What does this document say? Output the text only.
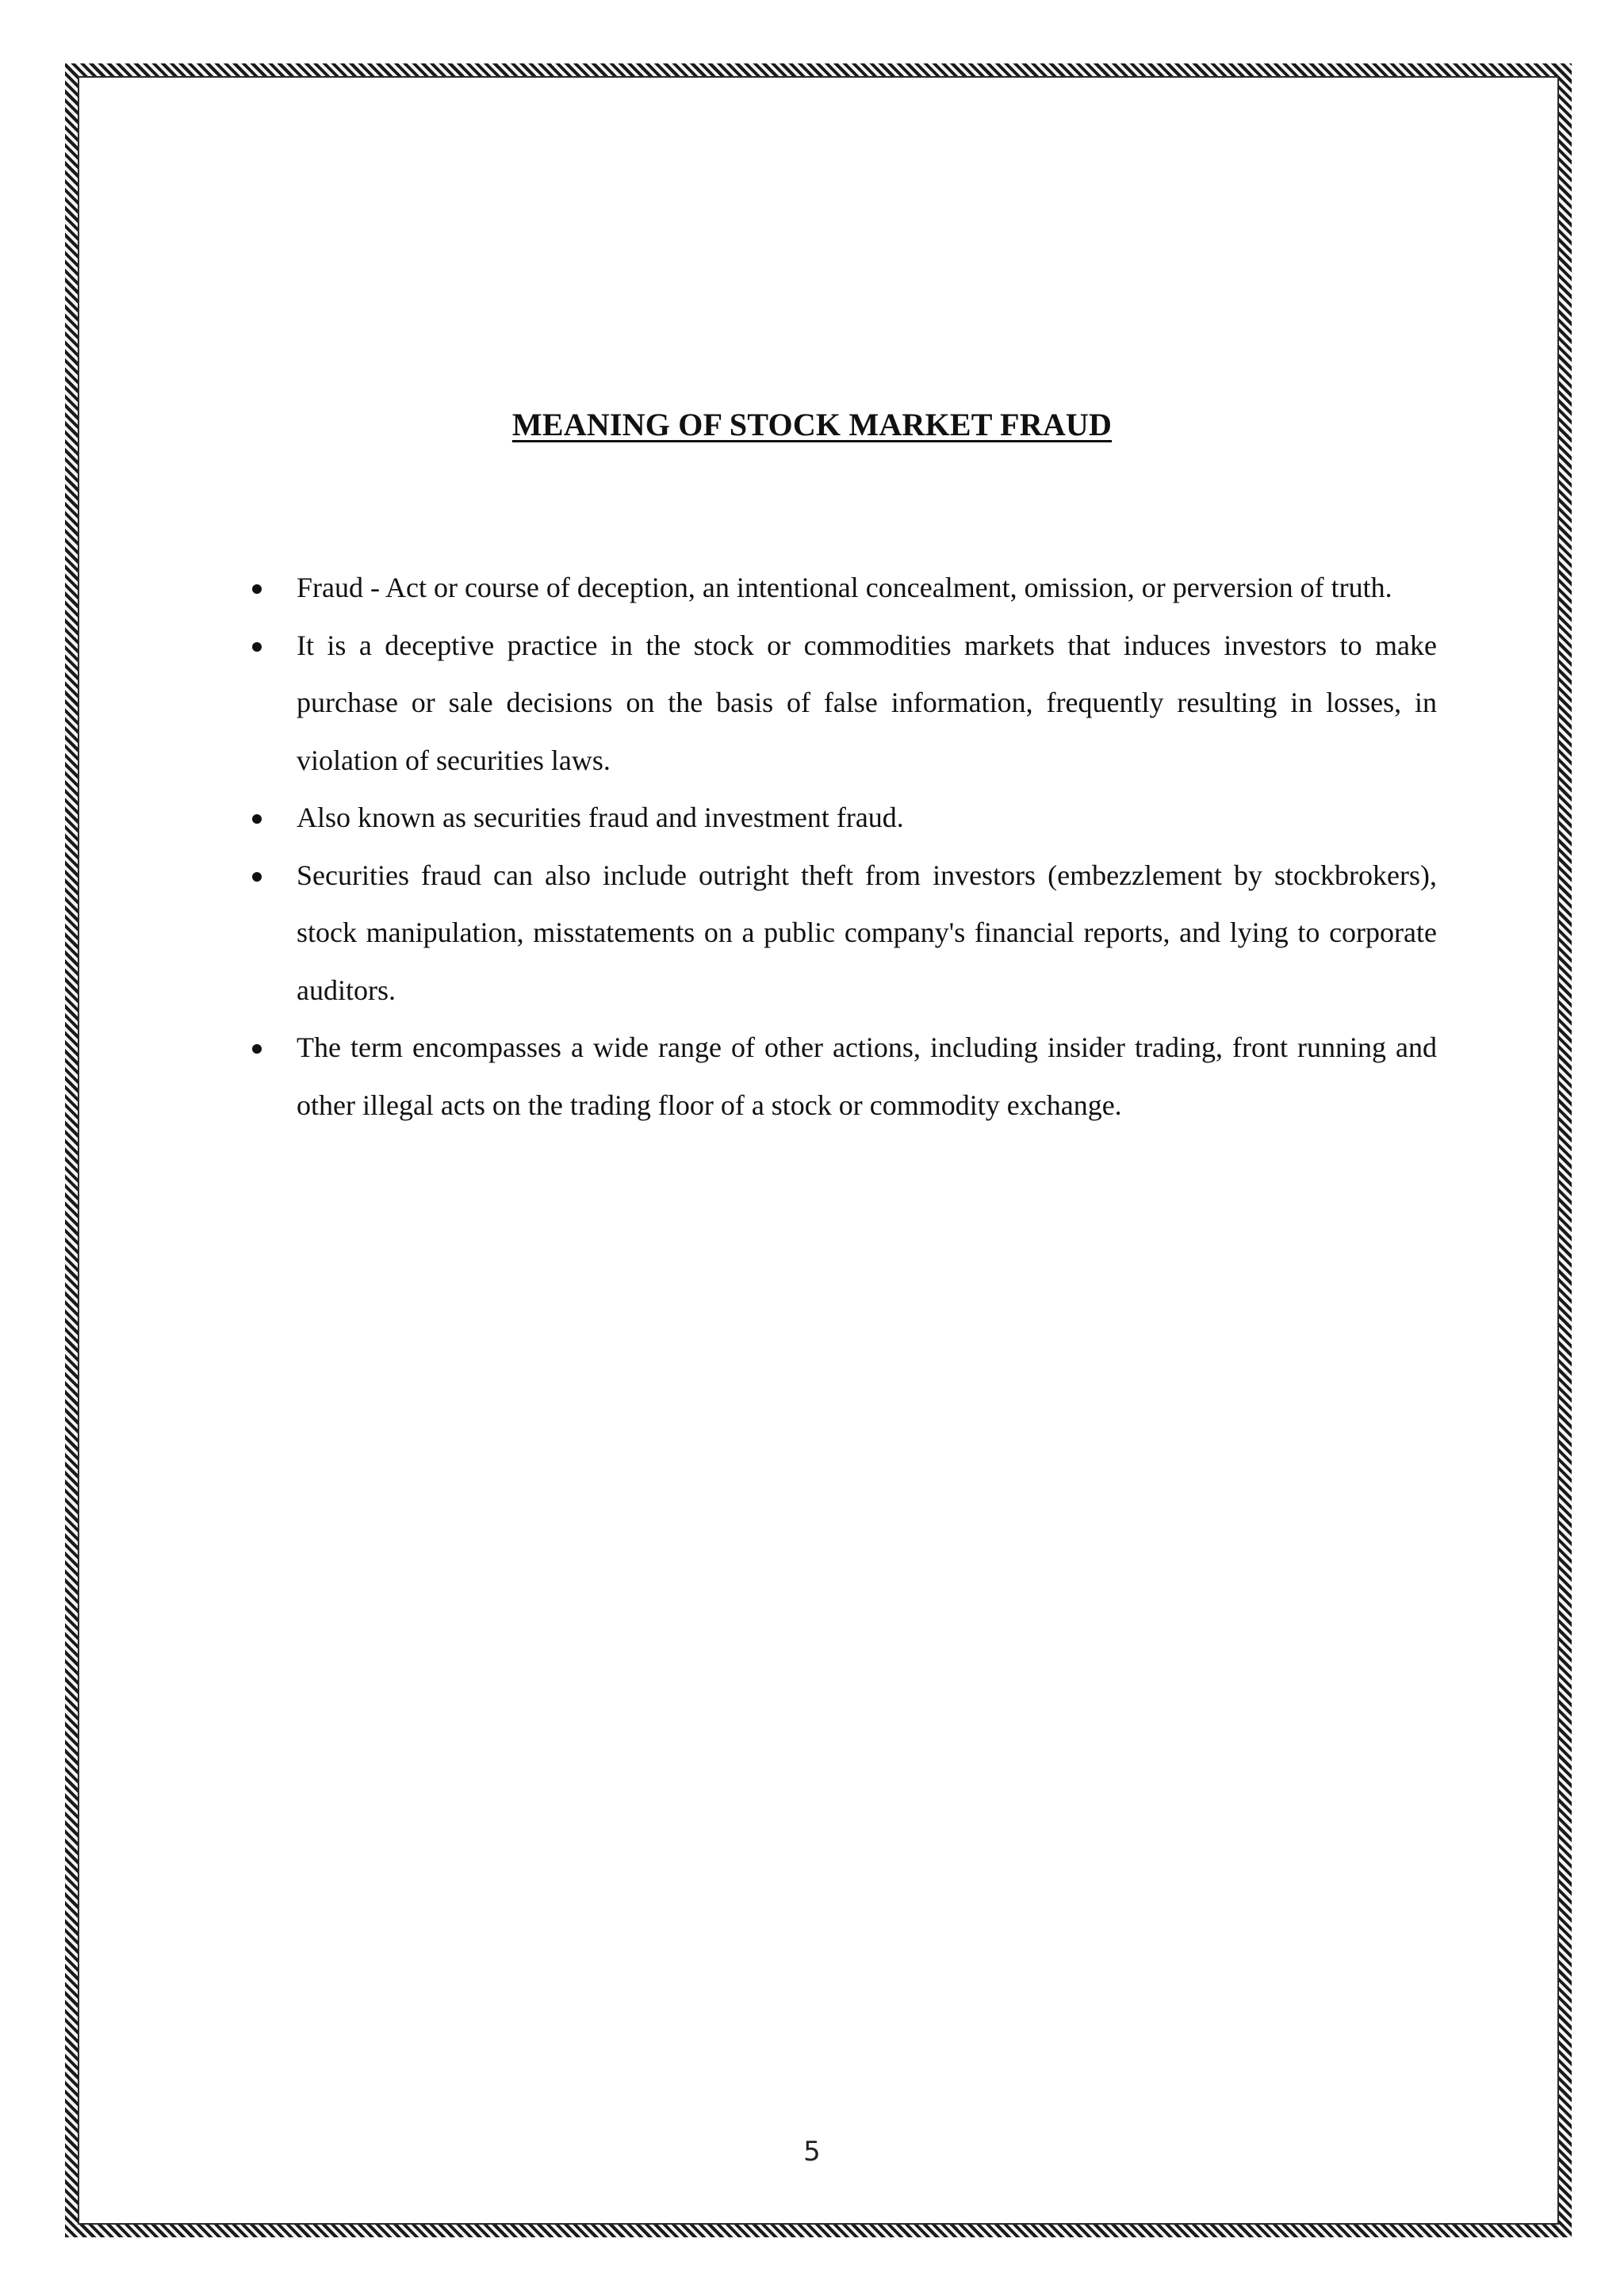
MEANING OF STOCK MARKET FRAUD
Fraud - Act or course of deception, an intentional concealment, omission, or perversion of truth.
It is a deceptive practice in the stock or commodities markets that induces investors to make purchase or sale decisions on the basis of false information, frequently resulting in losses, in violation of securities laws.
Also known as securities fraud and investment fraud.
Securities fraud can also include outright theft from investors (embezzlement by stockbrokers), stock manipulation, misstatements on a public company's financial reports, and lying to corporate auditors.
The term encompasses a wide range of other actions, including insider trading, front running and other illegal acts on the trading floor of a stock or commodity exchange.
5
